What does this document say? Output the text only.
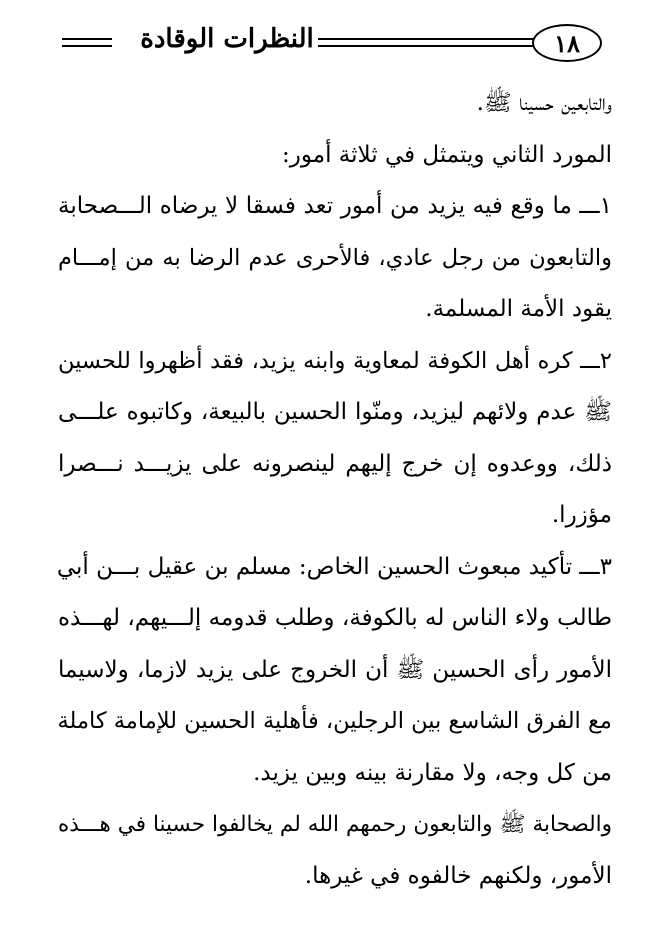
١٨
النظرات الوقادة
والتابعين حسينا ﷺ.
المورد الثاني ويتمثل في ثلاثة أمور:
١ـــ ما وقع فيه يزيد من أمور تعد فسقا لا يرضاه الـــصحابة
والتابعون من رجل عادي، فالأحرى عدم الرضا به من إمـــام
يقود الأمة المسلمة.
٢ـــ كره أهل الكوفة لمعاوية وابنه يزيد، فقد أظهروا للحسين
ﷺ عدم ولائهم ليزيد، ومنّوا الحسين بالبيعة، وكاتبوه علـــى
ذلك، ووعدوه إن خرج إليهم لينصرونه على يزيـــد نـــصرا
مؤزرا.
٣ـــ تأكيد مبعوث الحسين الخاص: مسلم بن عقيل بـــن أبي
طالب ولاء الناس له بالكوفة، وطلب قدومه إلـــيهم، لهـــذه
الأمور رأى الحسين ﷺ أن الخروج على يزيد لازما، ولاسيما
مع الفرق الشاسع بين الرجلين، فأهلية الحسين للإمامة كاملة
من كل وجه، ولا مقارنة بينه وبين يزيد.
والصحابة ﷺ والتابعون رحمهم الله لم يخالفوا حسينا في هـــذه
الأمور، ولكنهم خالفوه في غيرها.
